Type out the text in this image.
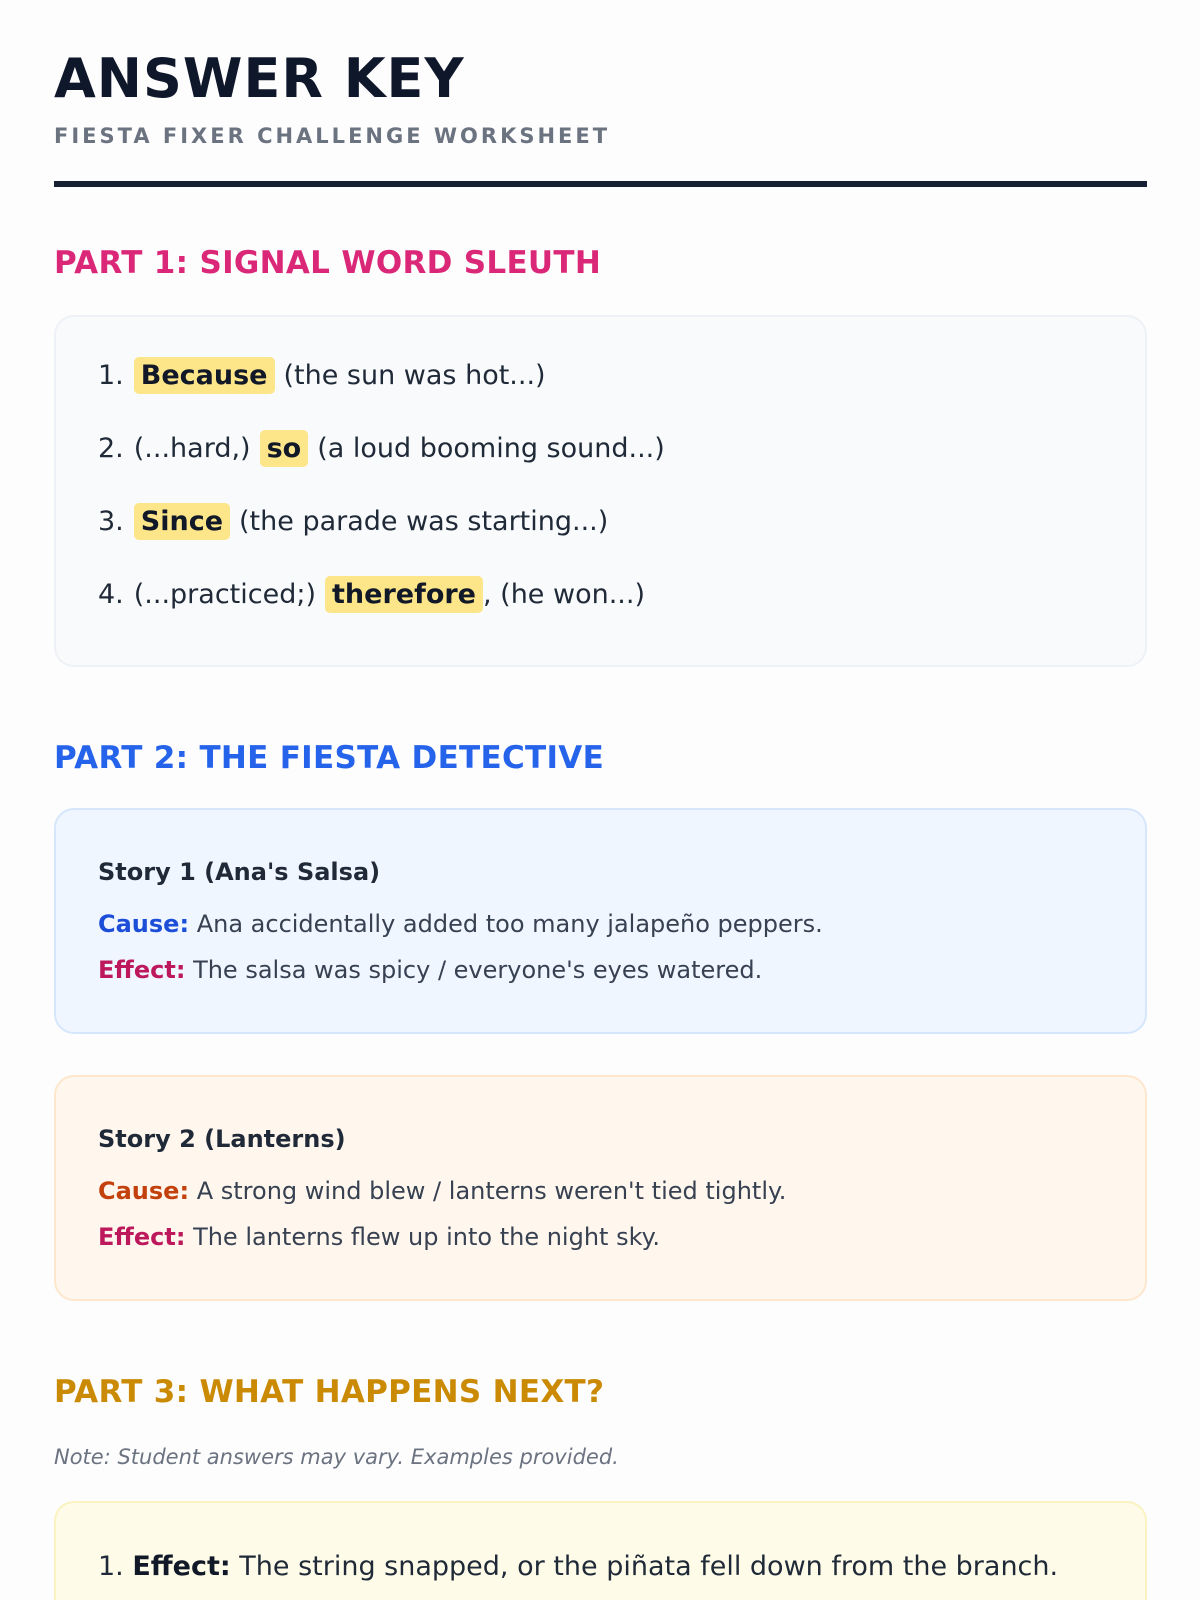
ANSWER KEY
FIESTA FIXER CHALLENGE WORKSHEET
PART 1: SIGNAL WORD SLEUTH
1. Because (the sun was hot...)
2. (...hard,) so (a loud booming sound...)
3. Since (the parade was starting...)
4. (...practiced;) therefore , (he won...)
PART 2: THE FIESTA DETECTIVE
Story 1 (Ana's Salsa)
Cause: Ana accidentally added too many jalapeño peppers.
Effect: The salsa was spicy / everyone's eyes watered.
Story 2 (Lanterns)
Cause: A strong wind blew / lanterns weren't tied tightly.
Effect: The lanterns flew up into the night sky.
PART 3: WHAT HAPPENS NEXT?
Note: Student answers may vary. Examples provided.
1. Effect: The string snapped, or the piñata fell down from the branch.
